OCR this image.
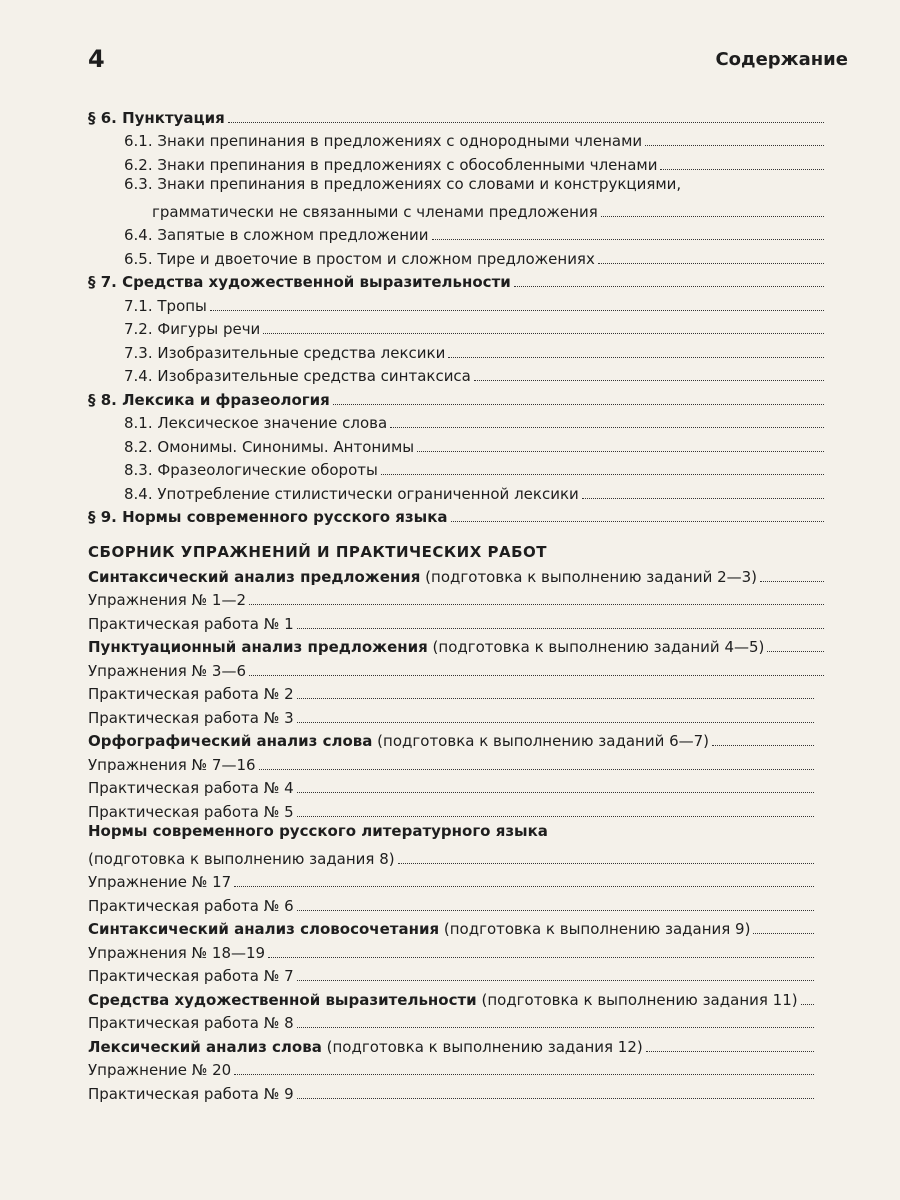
4	Содержание
§ 6. Пунктуация
6.1. Знаки препинания в предложениях с однородными членами
6.2. Знаки препинания в предложениях с обособленными членами
6.3. Знаки препинания в предложениях со словами и конструкциями,
грамматически не связанными с членами предложения
6.4. Запятые в сложном предложении
6.5. Тире и двоеточие в простом и сложном предложениях
§ 7. Средства художественной выразительности
7.1. Тропы
7.2. Фигуры речи
7.3. Изобразительные средства лексики
7.4. Изобразительные средства синтаксиса
§ 8. Лексика и фразеология
8.1. Лексическое значение слова
8.2. Омонимы. Синонимы. Антонимы
8.3. Фразеологические обороты
8.4. Употребление стилистически ограниченной лексики
§ 9. Нормы современного русского языка
СБОРНИК УПРАЖНЕНИЙ И ПРАКТИЧЕСКИХ РАБОТ
Синтаксический анализ предложения (подготовка к выполнению заданий 2—3)
Упражнения № 1—2
Практическая работа № 1
Пунктуационный анализ предложения (подготовка к выполнению заданий 4—5)
Упражнения № 3—6
Практическая работа № 2
Практическая работа № 3
Орфографический анализ слова (подготовка к выполнению заданий 6—7)
Упражнения № 7—16
Практическая работа № 4
Практическая работа № 5
Нормы современного русского литературного языка
(подготовка к выполнению задания 8)
Упражнение № 17
Практическая работа № 6
Синтаксический анализ словосочетания (подготовка к выполнению задания 9)
Упражнения № 18—19
Практическая работа № 7
Средства художественной выразительности (подготовка к выполнению задания 11)
Практическая работа № 8
Лексический анализ слова (подготовка к выполнению задания 12)
Упражнение № 20
Практическая работа № 9
